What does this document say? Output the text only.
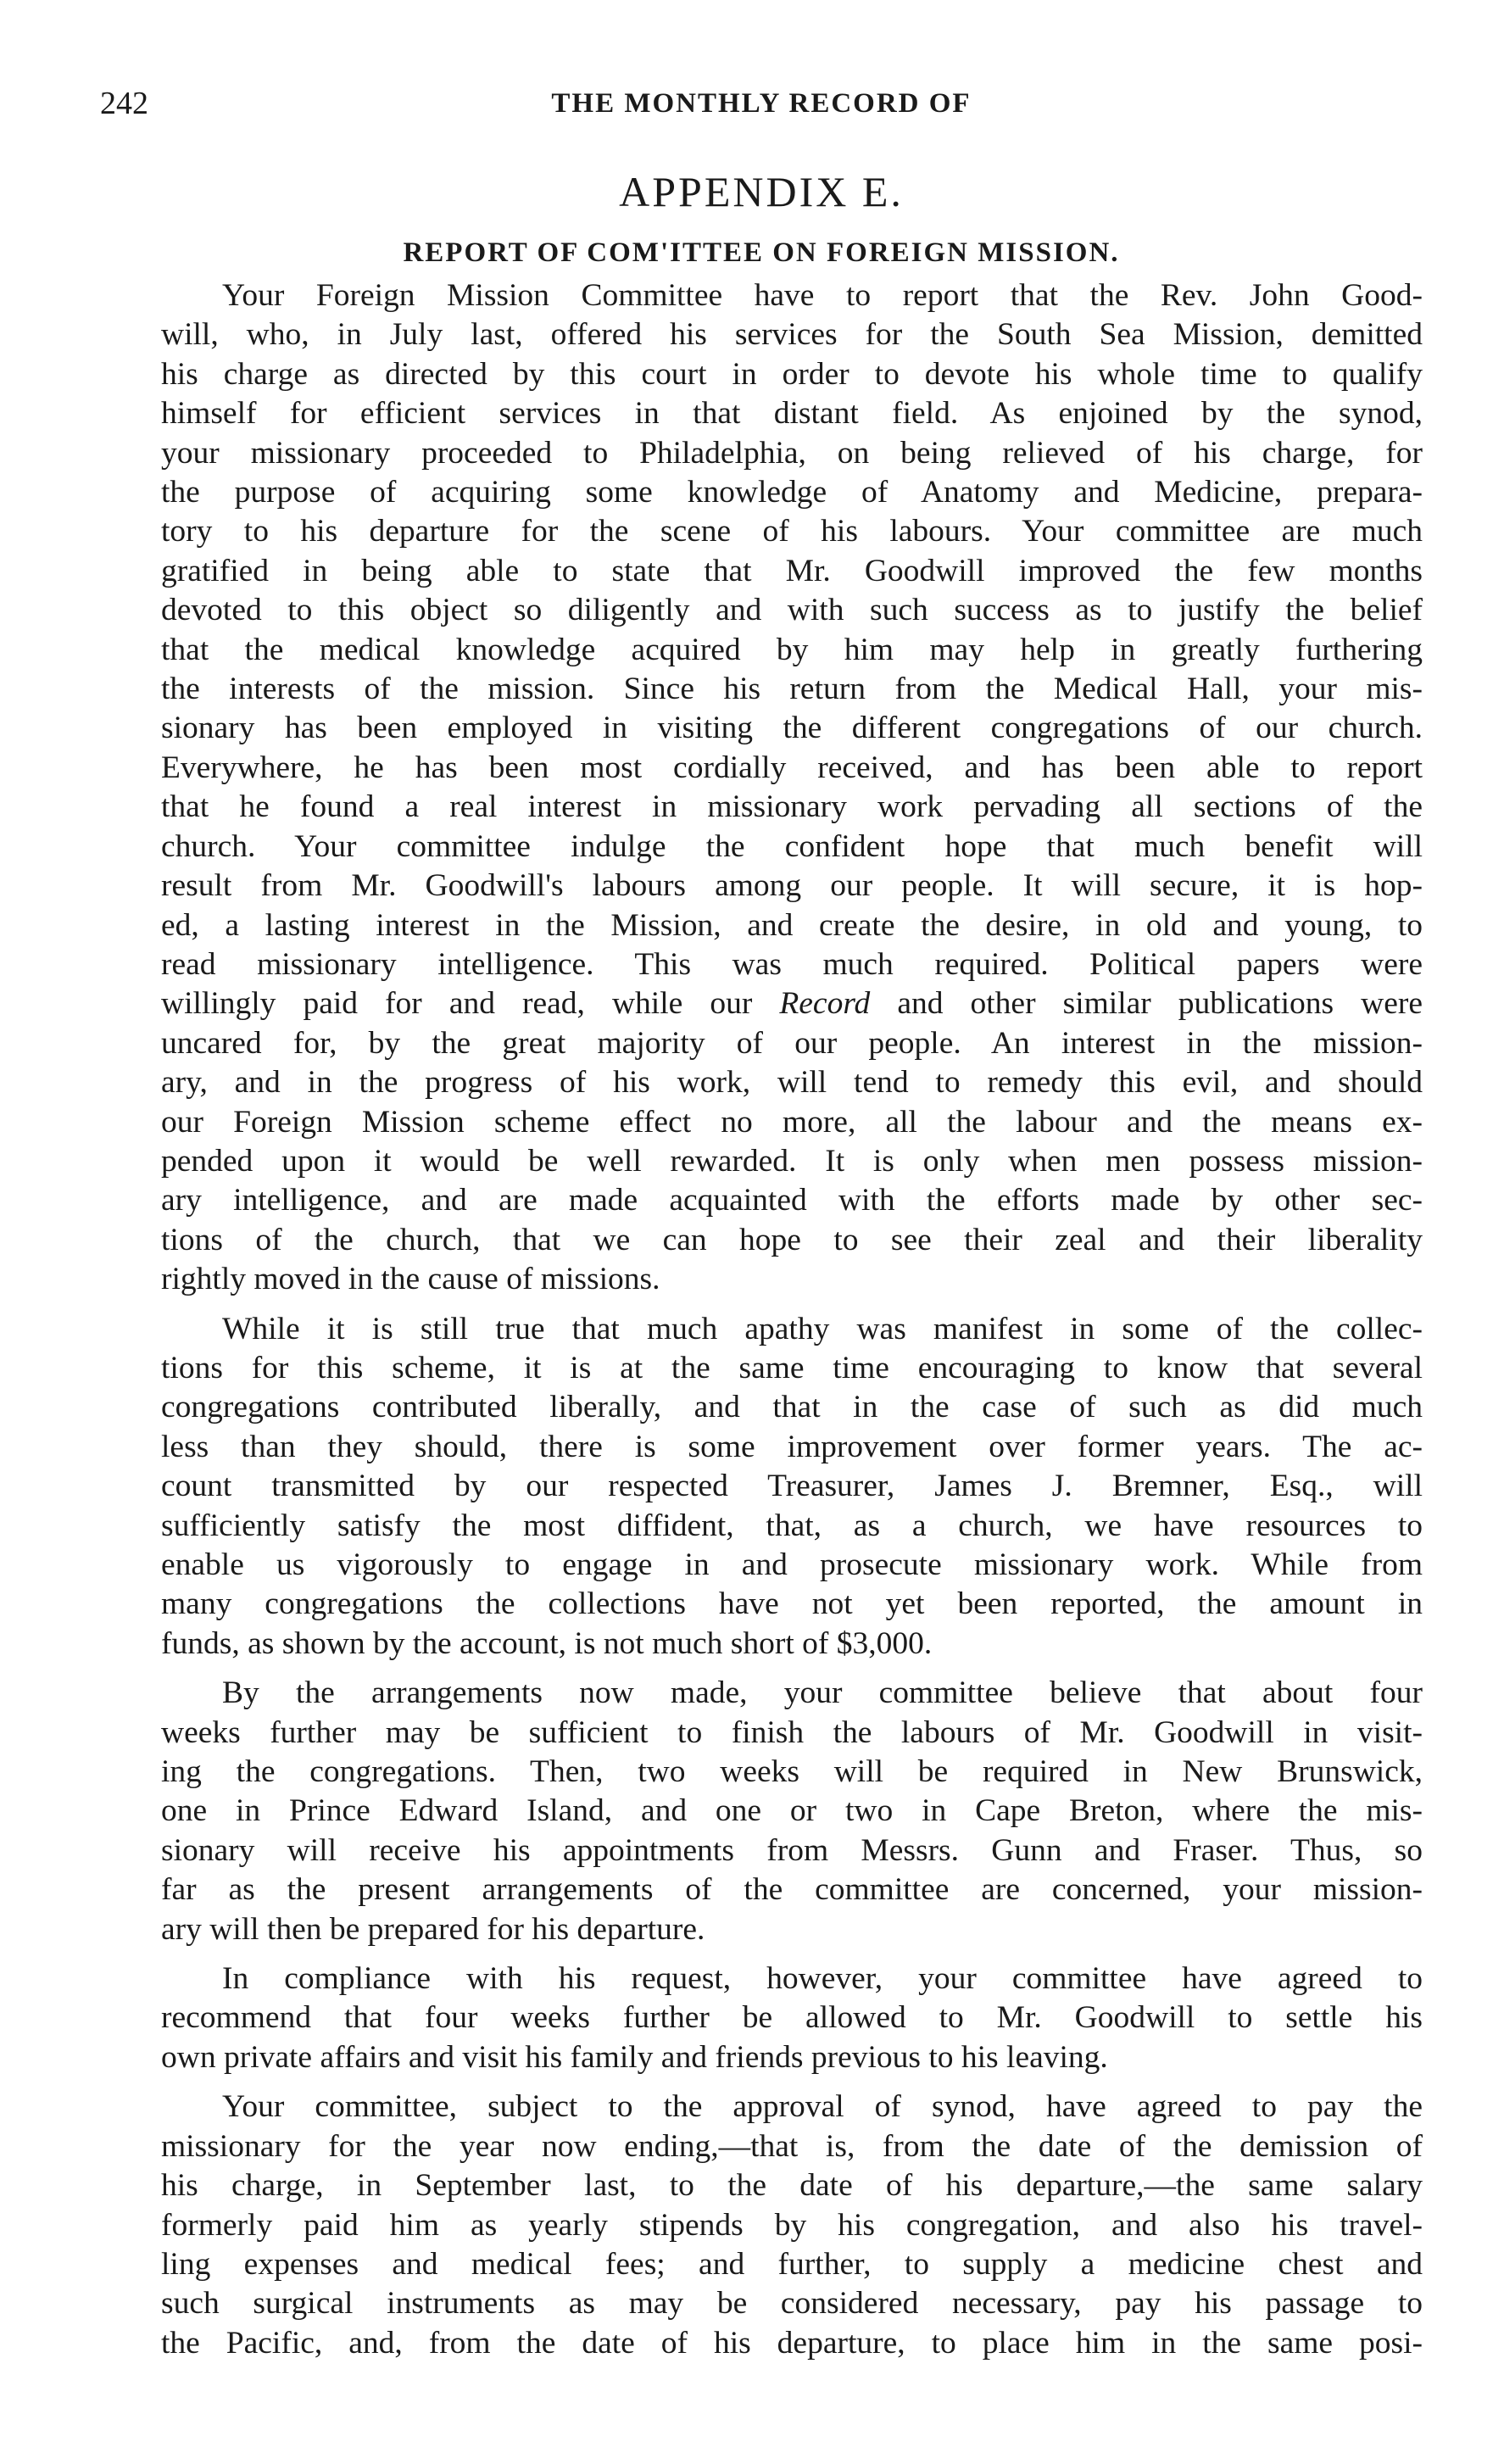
242	THE MONTHLY RECORD OF
APPENDIX E.
REPORT OF COM'ITTEE ON FOREIGN MISSION.

Your Foreign Mission Committee have to report that the Rev. John Good-
will, who, in July last, offered his services for the South Sea Mission, demitted
his charge as directed by this court in order to devote his whole time to qualify
himself for efficient services in that distant field. As enjoined by the synod,
your missionary proceeded to Philadelphia, on being relieved of his charge, for
the purpose of acquiring some knowledge of Anatomy and Medicine, prepara-
tory to his departure for the scene of his labours. Your committee are much
gratified in being able to state that Mr. Goodwill improved the few months
devoted to this object so diligently and with such success as to justify the belief
that the medical knowledge acquired by him may help in greatly furthering
the interests of the mission. Since his return from the Medical Hall, your mis-
sionary has been employed in visiting the different congregations of our church.
Everywhere, he has been most cordially received, and has been able to report
that he found a real interest in missionary work pervading all sections of the
church. Your committee indulge the confident hope that much benefit will
result from Mr. Goodwill's labours among our people. It will secure, it is hop-
ed, a lasting interest in the Mission, and create the desire, in old and young, to
read missionary intelligence. This was much required. Political papers were
willingly paid for and read, while our Record and other similar publications were
uncared for, by the great majority of our people. An interest in the mission-
ary, and in the progress of his work, will tend to remedy this evil, and should
our Foreign Mission scheme effect no more, all the labour and the means ex-
pended upon it would be well rewarded. It is only when men possess mission-
ary intelligence, and are made acquainted with the efforts made by other sec-
tions of the church, that we can hope to see their zeal and their liberality
rightly moved in the cause of missions.

While it is still true that much apathy was manifest in some of the collec-
tions for this scheme, it is at the same time encouraging to know that several
congregations contributed liberally, and that in the case of such as did much
less than they should, there is some improvement over former years. The ac-
count transmitted by our respected Treasurer, James J. Bremner, Esq., will
sufficiently satisfy the most diffident, that, as a church, we have resources to
enable us vigorously to engage in and prosecute missionary work. While from
many congregations the collections have not yet been reported, the amount in
funds, as shown by the account, is not much short of $3,000.

By the arrangements now made, your committee believe that about four
weeks further may be sufficient to finish the labours of Mr. Goodwill in visit-
ing the congregations. Then, two weeks will be required in New Brunswick,
one in Prince Edward Island, and one or two in Cape Breton, where the mis-
sionary will receive his appointments from Messrs. Gunn and Fraser. Thus, so
far as the present arrangements of the committee are concerned, your mission-
ary will then be prepared for his departure.

In compliance with his request, however, your committee have agreed to
recommend that four weeks further be allowed to Mr. Goodwill to settle his
own private affairs and visit his family and friends previous to his leaving.

Your committee, subject to the approval of synod, have agreed to pay the
missionary for the year now ending,—that is, from the date of the demission of
his charge, in September last, to the date of his departure,—the same salary
formerly paid him as yearly stipends by his congregation, and also his travel-
ling expenses and medical fees; and further, to supply a medicine chest and
such surgical instruments as may be considered necessary, pay his passage to
the Pacific, and, from the date of his departure, to place him in the same posi-
